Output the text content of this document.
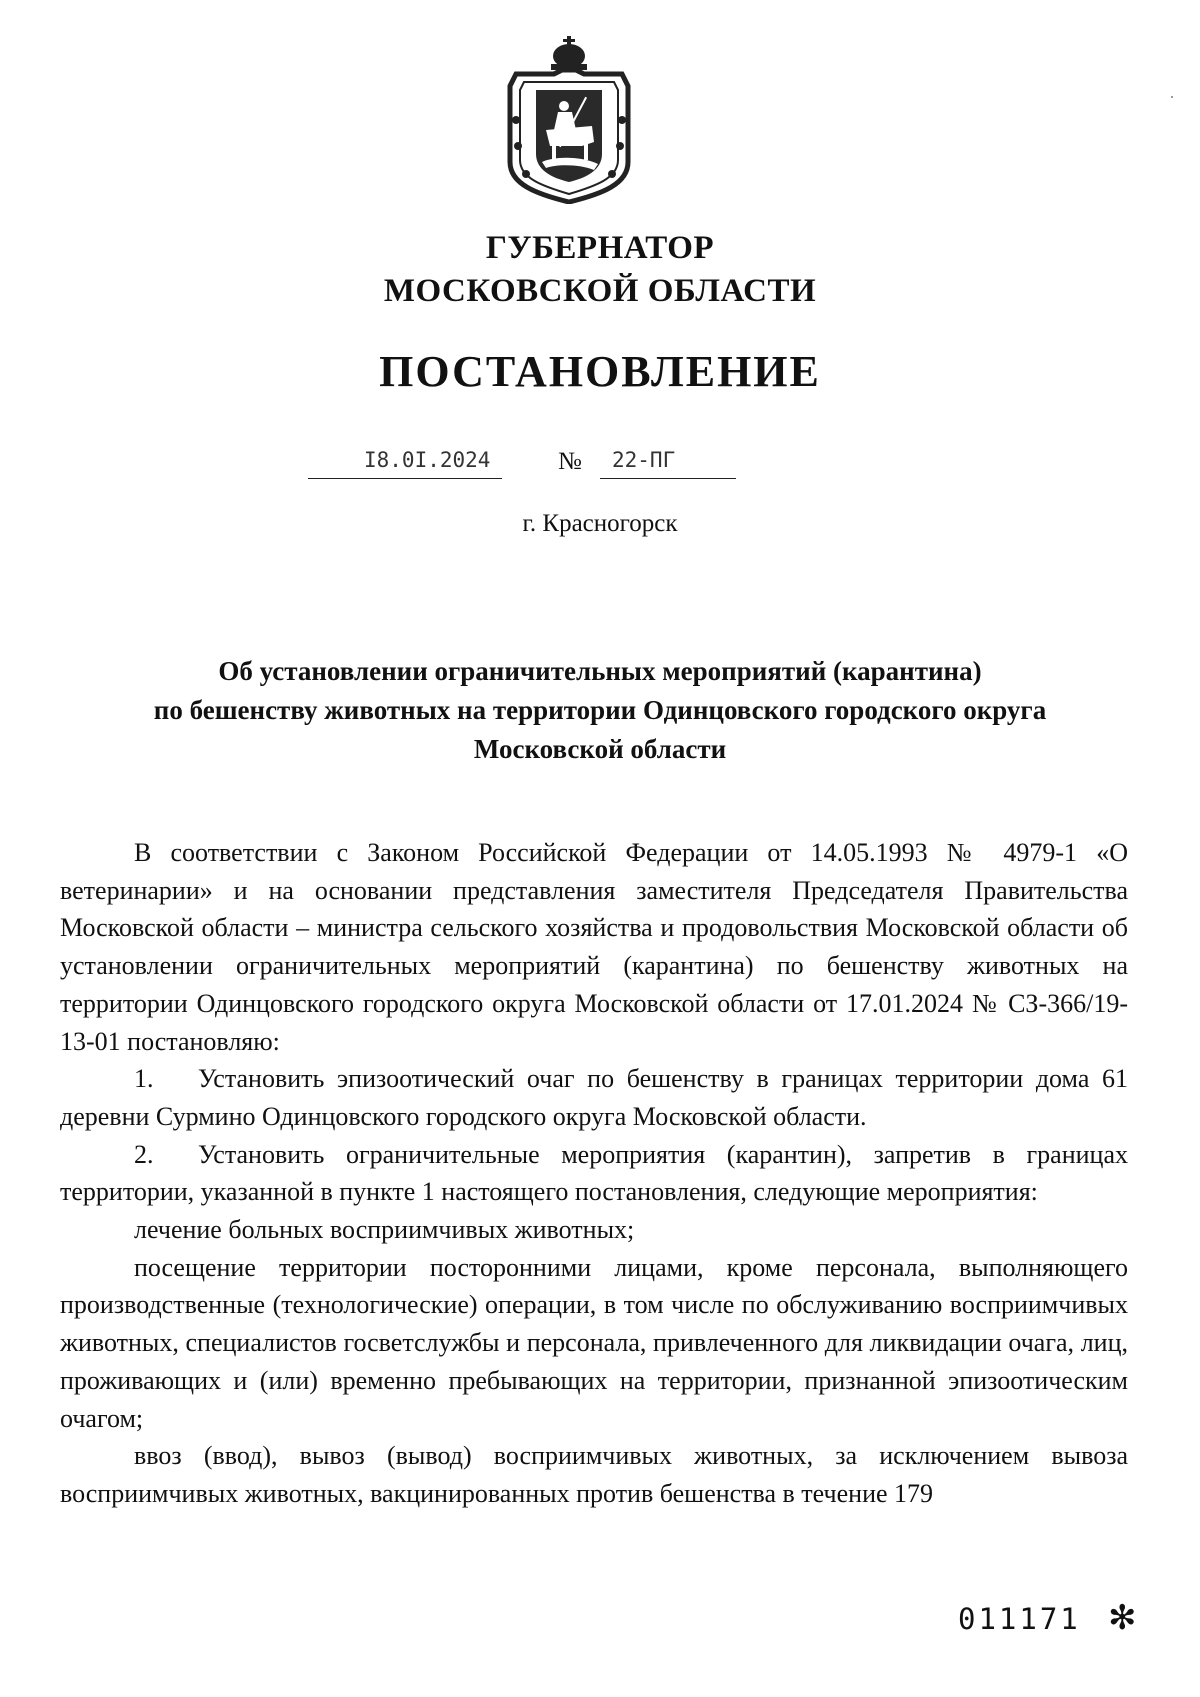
ГУБЕРНАТОР
МОСКОВСКОЙ ОБЛАСТИ
ПОСТАНОВЛЕНИЕ
I8.0I.2024	№ 22-ПГ
г. Красногорск
Об установлении ограничительных мероприятий (карантина)
по бешенству животных на территории Одинцовского городского округа
Московской области

В соответствии с Законом Российской Федерации от 14.05.1993 № 4979-1 «О ветеринарии» и на основании представления заместителя Председателя Правительства Московской области – министра сельского хозяйства и продовольствия Московской области об установлении ограничительных мероприятий (карантина) по бешенству животных на территории Одинцовского городского округа Московской области от 17.01.2024 № СЗ-366/19-13-01 постановляю:

1. Установить эпизоотический очаг по бешенству в границах территории дома 61 деревни Сурмино Одинцовского городского округа Московской области.

2. Установить ограничительные мероприятия (карантин), запретив в границах территории, указанной в пункте 1 настоящего постановления, следующие мероприятия:

лечение больных восприимчивых животных;

посещение территории посторонними лицами, кроме персонала, выполняющего производственные (технологические) операции, в том числе по обслуживанию восприимчивых животных, специалистов госветслужбы и персонала, привлеченного для ликвидации очага, лиц, проживающих и (или) временно пребывающих на территории, признанной эпизоотическим очагом;

ввоз (ввод), вывоз (вывод) восприимчивых животных, за исключением вывоза восприимчивых животных, вакцинированных против бешенства в течение 179

011171 ✻
